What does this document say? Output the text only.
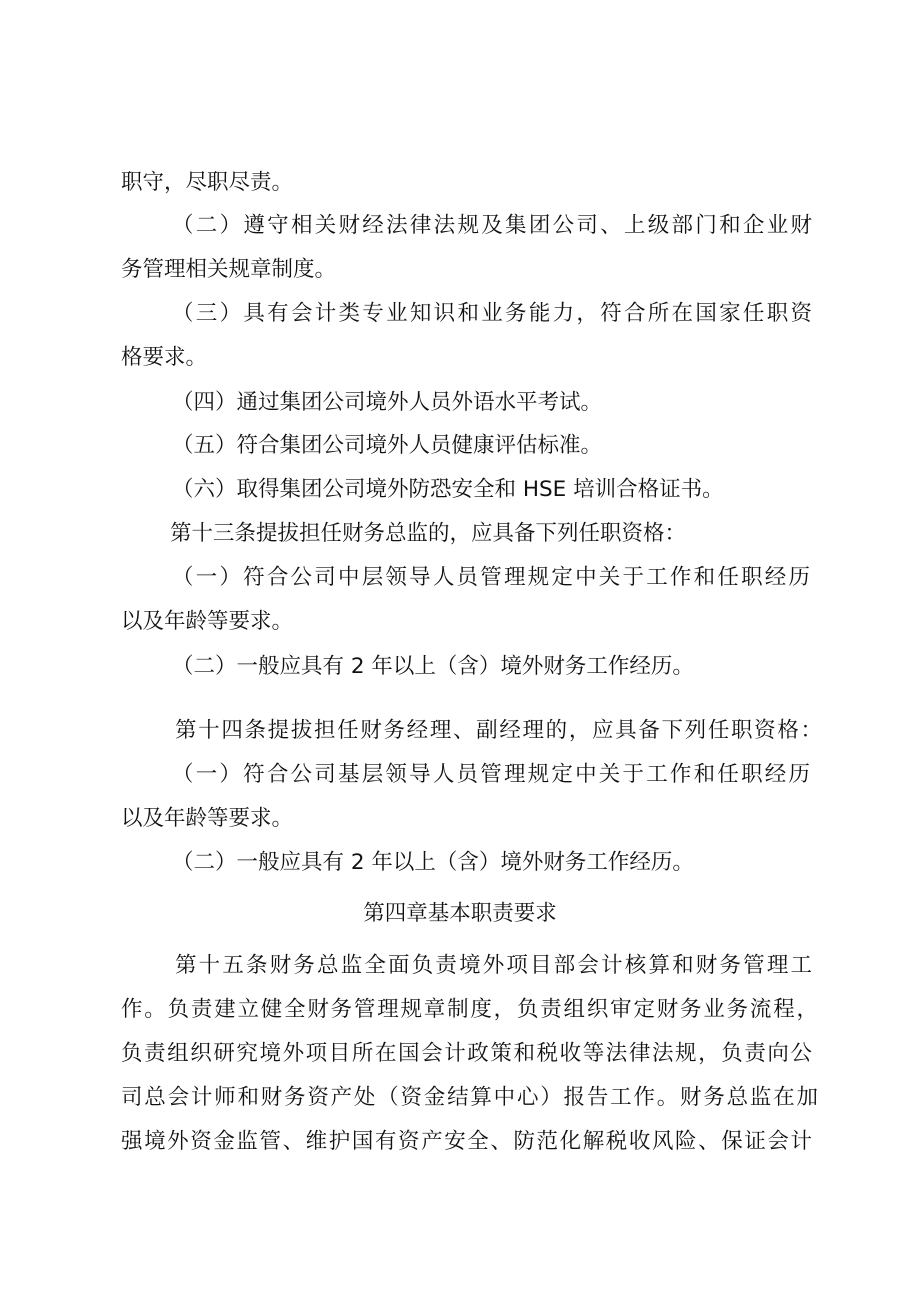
职守，尽职尽责。
（二）遵守相关财经法律法规及集团公司、上级部门和企业财
务管理相关规章制度。
（三）具有会计类专业知识和业务能力，符合所在国家任职资
格要求。
（四）通过集团公司境外人员外语水平考试。
（五）符合集团公司境外人员健康评估标准。
（六）取得集团公司境外防恐安全和 HSE 培训合格证书。
第十三条提拔担任财务总监的，应具备下列任职资格：
（一）符合公司中层领导人员管理规定中关于工作和任职经历
以及年龄等要求。
（二）一般应具有 2 年以上（含）境外财务工作经历。
第十四条提拔担任财务经理、副经理的，应具备下列任职资格：
（一）符合公司基层领导人员管理规定中关于工作和任职经历
以及年龄等要求。
（二）一般应具有 2 年以上（含）境外财务工作经历。
第四章基本职责要求
第十五条财务总监全面负责境外项目部会计核算和财务管理工
作。负责建立健全财务管理规章制度，负责组织审定财务业务流程，
负责组织研究境外项目所在国会计政策和税收等法律法规，负责向公
司总会计师和财务资产处（资金结算中心）报告工作。财务总监在加
强境外资金监管、维护国有资产安全、防范化解税收风险、保证会计
